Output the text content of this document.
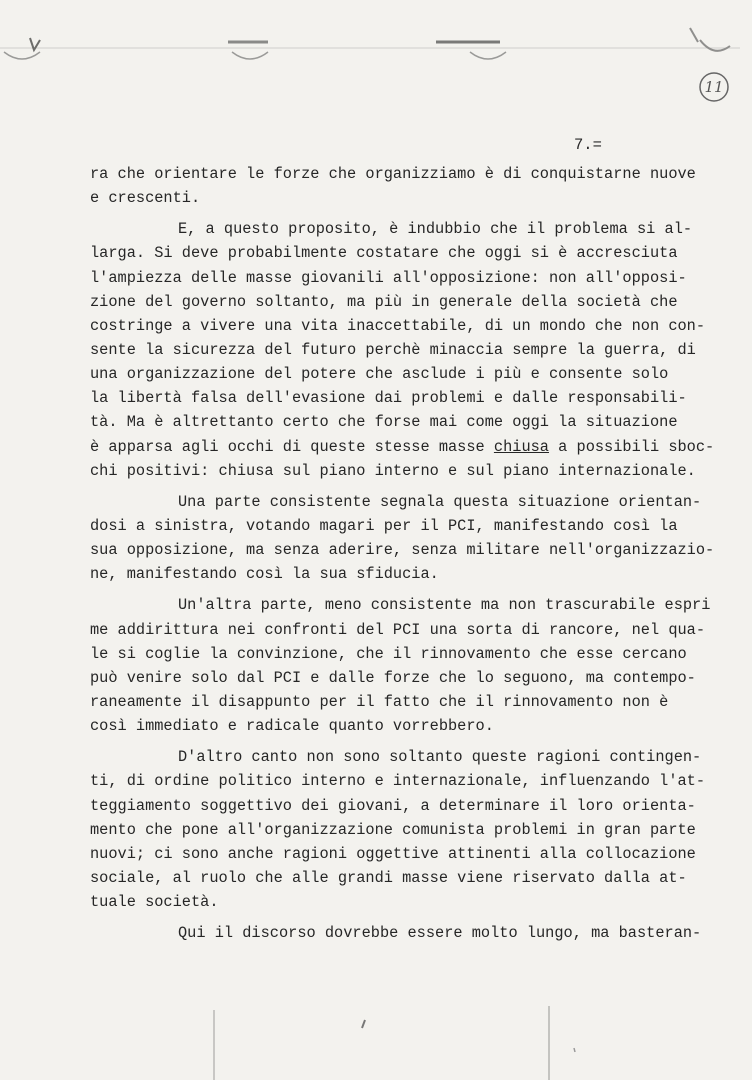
11
7.=
ra che orientare le forze che organizziamo è di conquistarne nuove
e crescenti.
E, a questo proposito, è indubbio che il problema si al-
larga. Si deve probabilmente costatare che oggi si è accresciuta
l'ampiezza delle masse giovanili all'opposizione: non all'opposi-
zione del governo soltanto, ma più in generale della società che
costringe a vivere una vita inaccettabile, di un mondo che non con-
sente la sicurezza del futuro perchè minaccia sempre la guerra, di
una organizzazione del potere che asclude i più e consente solo
la libertà falsa dell'evasione dai problemi e dalle responsabili-
tà. Ma è altrettanto certo che forse mai come oggi la situazione
è apparsa agli occhi di queste stesse masse chiusa a possibili sboc-
chi positivi: chiusa sul piano interno e sul piano internazionale.
Una parte consistente segnala questa situazione orientan-
dosi a sinistra, votando magari per il PCI, manifestando così la
sua opposizione, ma senza aderire, senza militare nell'organizzazio-
ne, manifestando così la sua sfiducia.
Un'altra parte, meno consistente ma non trascurabile espri
me addirittura nei confronti del PCI una sorta di rancore, nel qua-
le si coglie la convinzione, che il rinnovamento che esse cercano
può venire solo dal PCI e dalle forze che lo seguono, ma contempo-
raneamente il disappunto per il fatto che il rinnovamento non è
così immediato e radicale quanto vorrebbero.
D'altro canto non sono soltanto queste ragioni contingen-
ti, di ordine politico interno e internazionale, influenzando l'at-
teggiamento soggettivo dei giovani, a determinare il loro orienta-
mento che pone all'organizzazione comunista problemi in gran parte
nuovi; ci sono anche ragioni oggettive attinenti alla collocazione
sociale, al ruolo che alle grandi masse viene riservato dalla at-
tuale società.
Qui il discorso dovrebbe essere molto lungo, ma basteran-
